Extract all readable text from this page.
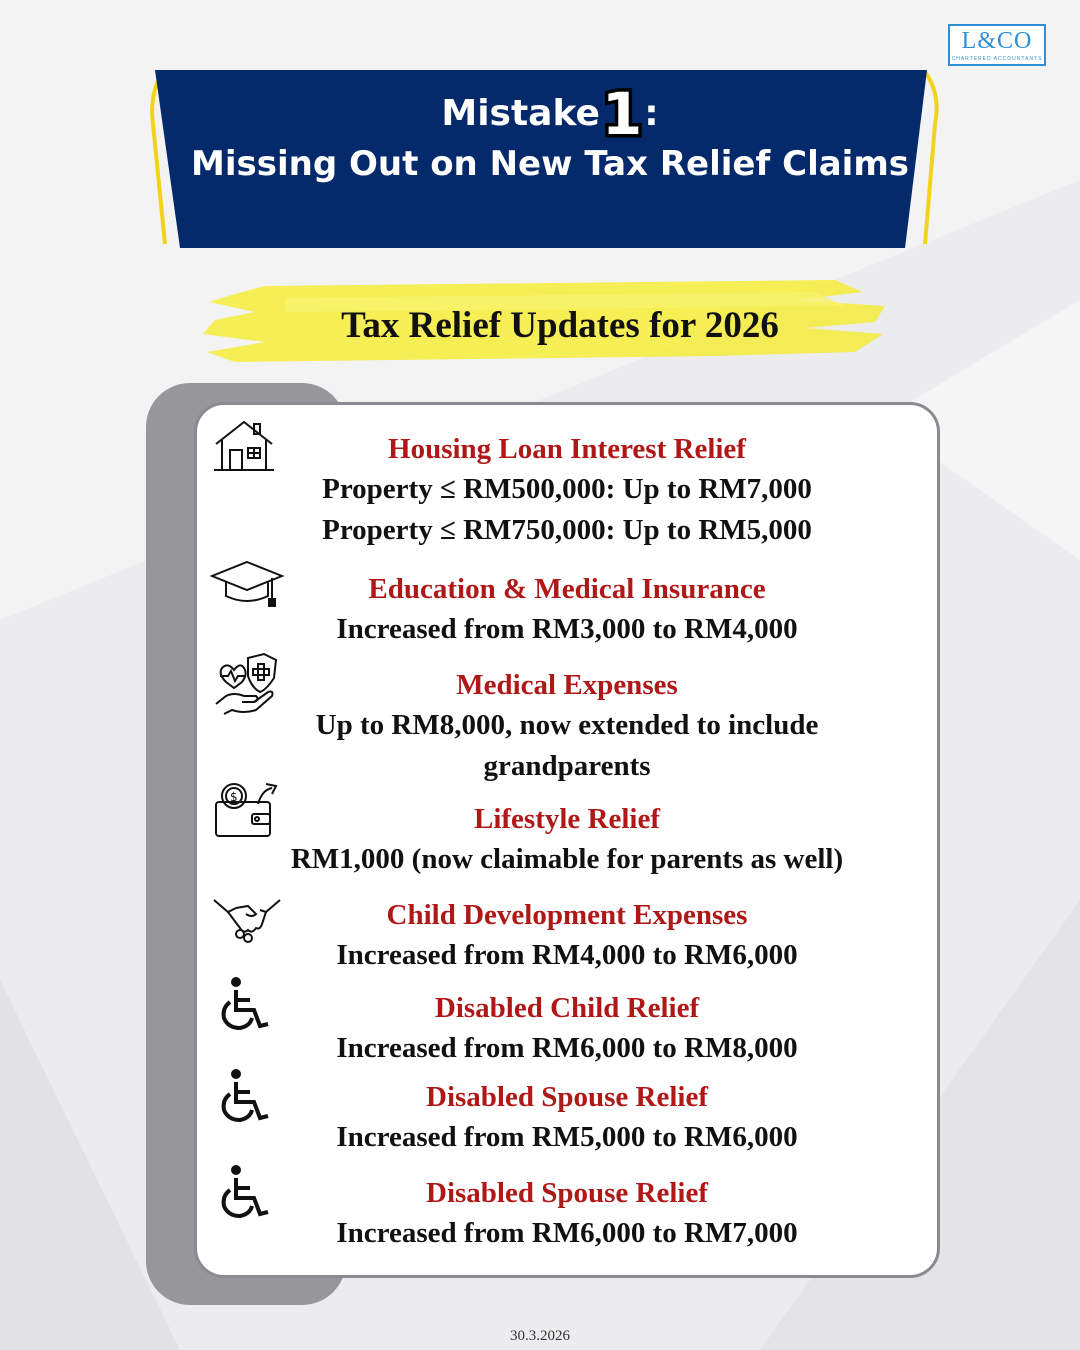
L&CO
CHARTERED ACCOUNTANTS
Mistake 1 :
Missing Out on New Tax Relief Claims
Tax Relief Updates for 2026
Housing Loan Interest Relief
Property ≤ RM500,000: Up to RM7,000
Property ≤ RM750,000: Up to RM5,000
Education & Medical Insurance
Increased from RM3,000 to RM4,000
Medical Expenses
Up to RM8,000, now extended to include
grandparents
Lifestyle Relief
RM1,000 (now claimable for parents as well)
Child Development Expenses
Increased from RM4,000 to RM6,000
Disabled Child Relief
Increased from RM6,000 to RM8,000
Disabled Spouse Relief
Increased from RM5,000 to RM6,000
Disabled Spouse Relief
Increased from RM6,000 to RM7,000
$
30.3.2026
